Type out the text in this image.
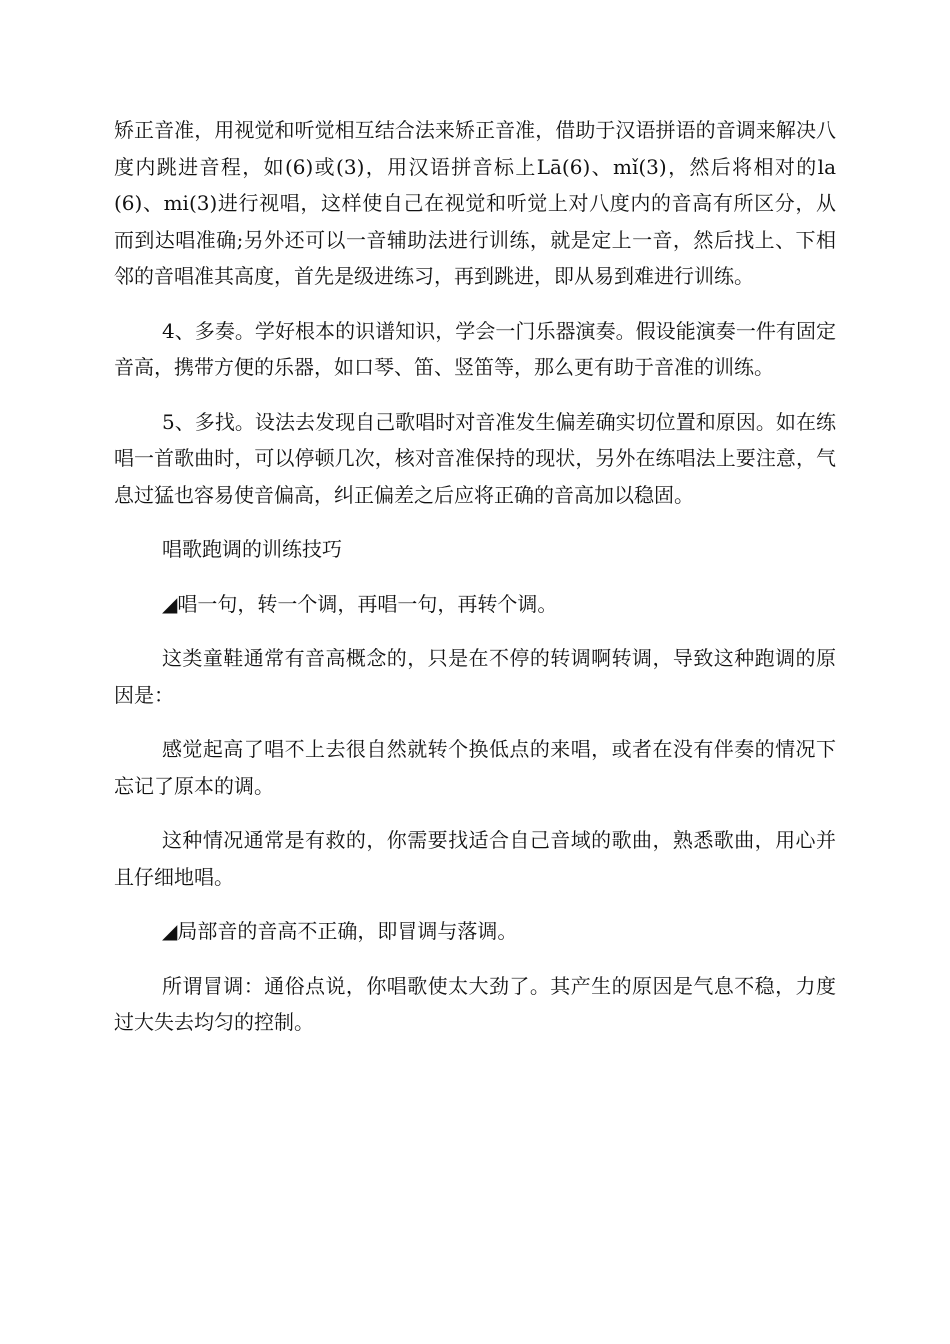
矫正音准，用视觉和听觉相互结合法来矫正音准，借助于汉语拼语的音调来解决八度内跳进音程，如(6)或(3)，用汉语拼音标上Lā(6)、mǐ(3)，然后将相对的la(6)、mi(3)进行视唱，这样使自己在视觉和听觉上对八度内的音高有所区分，从而到达唱准确;另外还可以一音辅助法进行训练，就是定上一音，然后找上、下相邻的音唱准其高度，首先是级进练习，再到跳进，即从易到难进行训练。

4、多奏。学好根本的识谱知识，学会一门乐器演奏。假设能演奏一件有固定音高，携带方便的乐器，如口琴、笛、竖笛等，那么更有助于音准的训练。

5、多找。设法去发现自己歌唱时对音准发生偏差确实切位置和原因。如在练唱一首歌曲时，可以停顿几次，核对音准保持的现状，另外在练唱法上要注意，气息过猛也容易使音偏高，纠正偏差之后应将正确的音高加以稳固。

唱歌跑调的训练技巧

◢唱一句，转一个调，再唱一句，再转个调。

这类童鞋通常有音高概念的，只是在不停的转调啊转调，导致这种跑调的原因是：

感觉起高了唱不上去很自然就转个换低点的来唱，或者在没有伴奏的情况下忘记了原本的调。

这种情况通常是有救的，你需要找适合自己音域的歌曲，熟悉歌曲，用心并且仔细地唱。

◢局部音的音高不正确，即冒调与落调。

所谓冒调：通俗点说，你唱歌使太大劲了。其产生的原因是气息不稳，力度过大失去均匀的控制。
